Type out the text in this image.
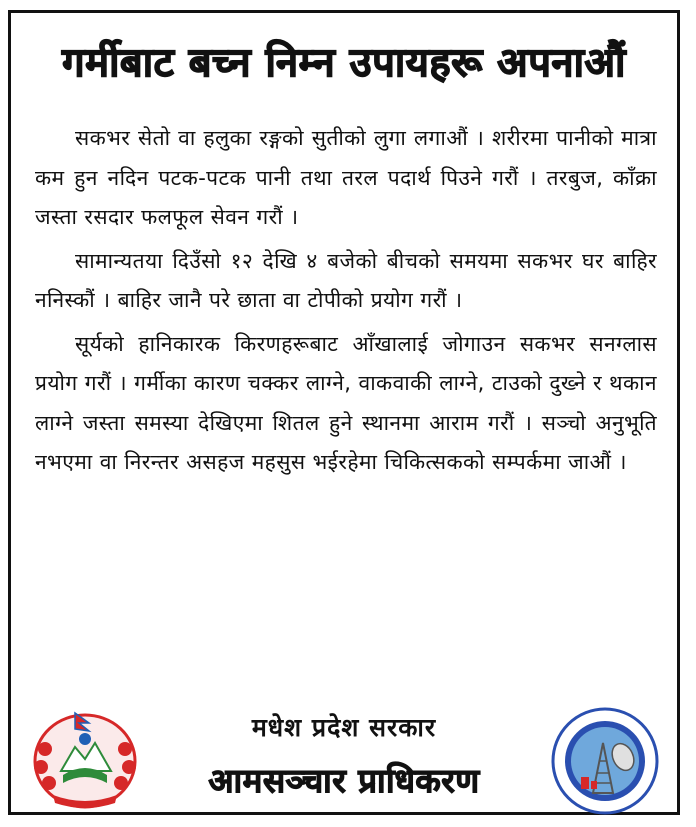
गर्मीबाट बच्न निम्न उपायहरू अपनाऔं

सकभर सेतो वा हलुका रङ्गको सुतीको लुगा लगाऔं । शरीरमा पानीको मात्रा कम हुन नदिन पटक-पटक पानी तथा तरल पदार्थ पिउने गरौं । तरबुज, काँक्रा जस्ता रसदार फलफूल सेवन गरौं ।

सामान्यतया दिउँसो १२ देखि ४ बजेको बीचको समयमा सकभर घर बाहिर ननिस्कौं । बाहिर जानै परे छाता वा टोपीको प्रयोग गरौं ।

सूर्यको हानिकारक किरणहरूबाट आँखालाई जोगाउन सकभर सनग्लास प्रयोग गरौं । गर्मीका कारण चक्कर लाग्ने, वाकवाकी लाग्ने, टाउको दुख्ने र थकान लाग्ने जस्ता समस्या देखिएमा शितल हुने स्थानमा आराम गरौं । सञ्चो अनुभूति नभएमा वा निरन्तर असहज महसुस भईरहेमा चिकित्सकको सम्पर्कमा जाऔं ।

मधेश प्रदेश सरकार
आमसञ्चार प्राधिकरण
